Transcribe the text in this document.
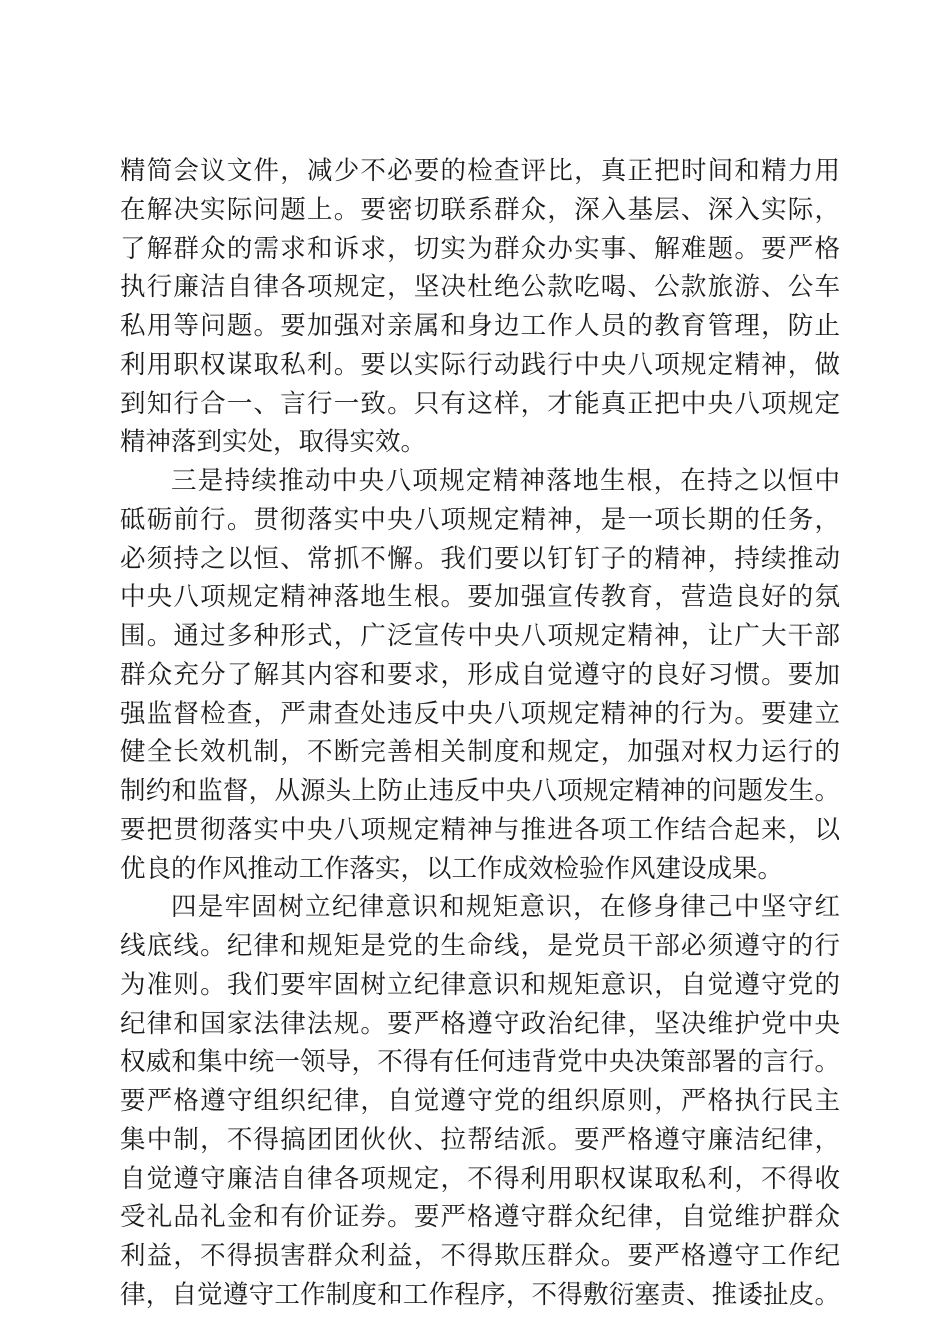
精简会议文件，减少不必要的检查评比，真正把时间和精力用
在解决实际问题上。要密切联系群众，深入基层、深入实际，
了解群众的需求和诉求，切实为群众办实事、解难题。要严格
执行廉洁自律各项规定，坚决杜绝公款吃喝、公款旅游、公车
私用等问题。要加强对亲属和身边工作人员的教育管理，防止
利用职权谋取私利。要以实际行动践行中央八项规定精神，做
到知行合一、言行一致。只有这样，才能真正把中央八项规定
精神落到实处，取得实效。
三是持续推动中央八项规定精神落地生根，在持之以恒中
砥砺前行。贯彻落实中央八项规定精神，是一项长期的任务，
必须持之以恒、常抓不懈。我们要以钉钉子的精神，持续推动
中央八项规定精神落地生根。要加强宣传教育，营造良好的氛
围。通过多种形式，广泛宣传中央八项规定精神，让广大干部
群众充分了解其内容和要求，形成自觉遵守的良好习惯。要加
强监督检查，严肃查处违反中央八项规定精神的行为。要建立
健全长效机制，不断完善相关制度和规定，加强对权力运行的
制约和监督，从源头上防止违反中央八项规定精神的问题发生。
要把贯彻落实中央八项规定精神与推进各项工作结合起来，以
优良的作风推动工作落实，以工作成效检验作风建设成果。
四是牢固树立纪律意识和规矩意识，在修身律己中坚守红
线底线。纪律和规矩是党的生命线，是党员干部必须遵守的行
为准则。我们要牢固树立纪律意识和规矩意识，自觉遵守党的
纪律和国家法律法规。要严格遵守政治纪律，坚决维护党中央
权威和集中统一领导，不得有任何违背党中央决策部署的言行。
要严格遵守组织纪律，自觉遵守党的组织原则，严格执行民主
集中制，不得搞团团伙伙、拉帮结派。要严格遵守廉洁纪律，
自觉遵守廉洁自律各项规定，不得利用职权谋取私利，不得收
受礼品礼金和有价证券。要严格遵守群众纪律，自觉维护群众
利益，不得损害群众利益，不得欺压群众。要严格遵守工作纪
律，自觉遵守工作制度和工作程序，不得敷衍塞责、推诿扯皮。
